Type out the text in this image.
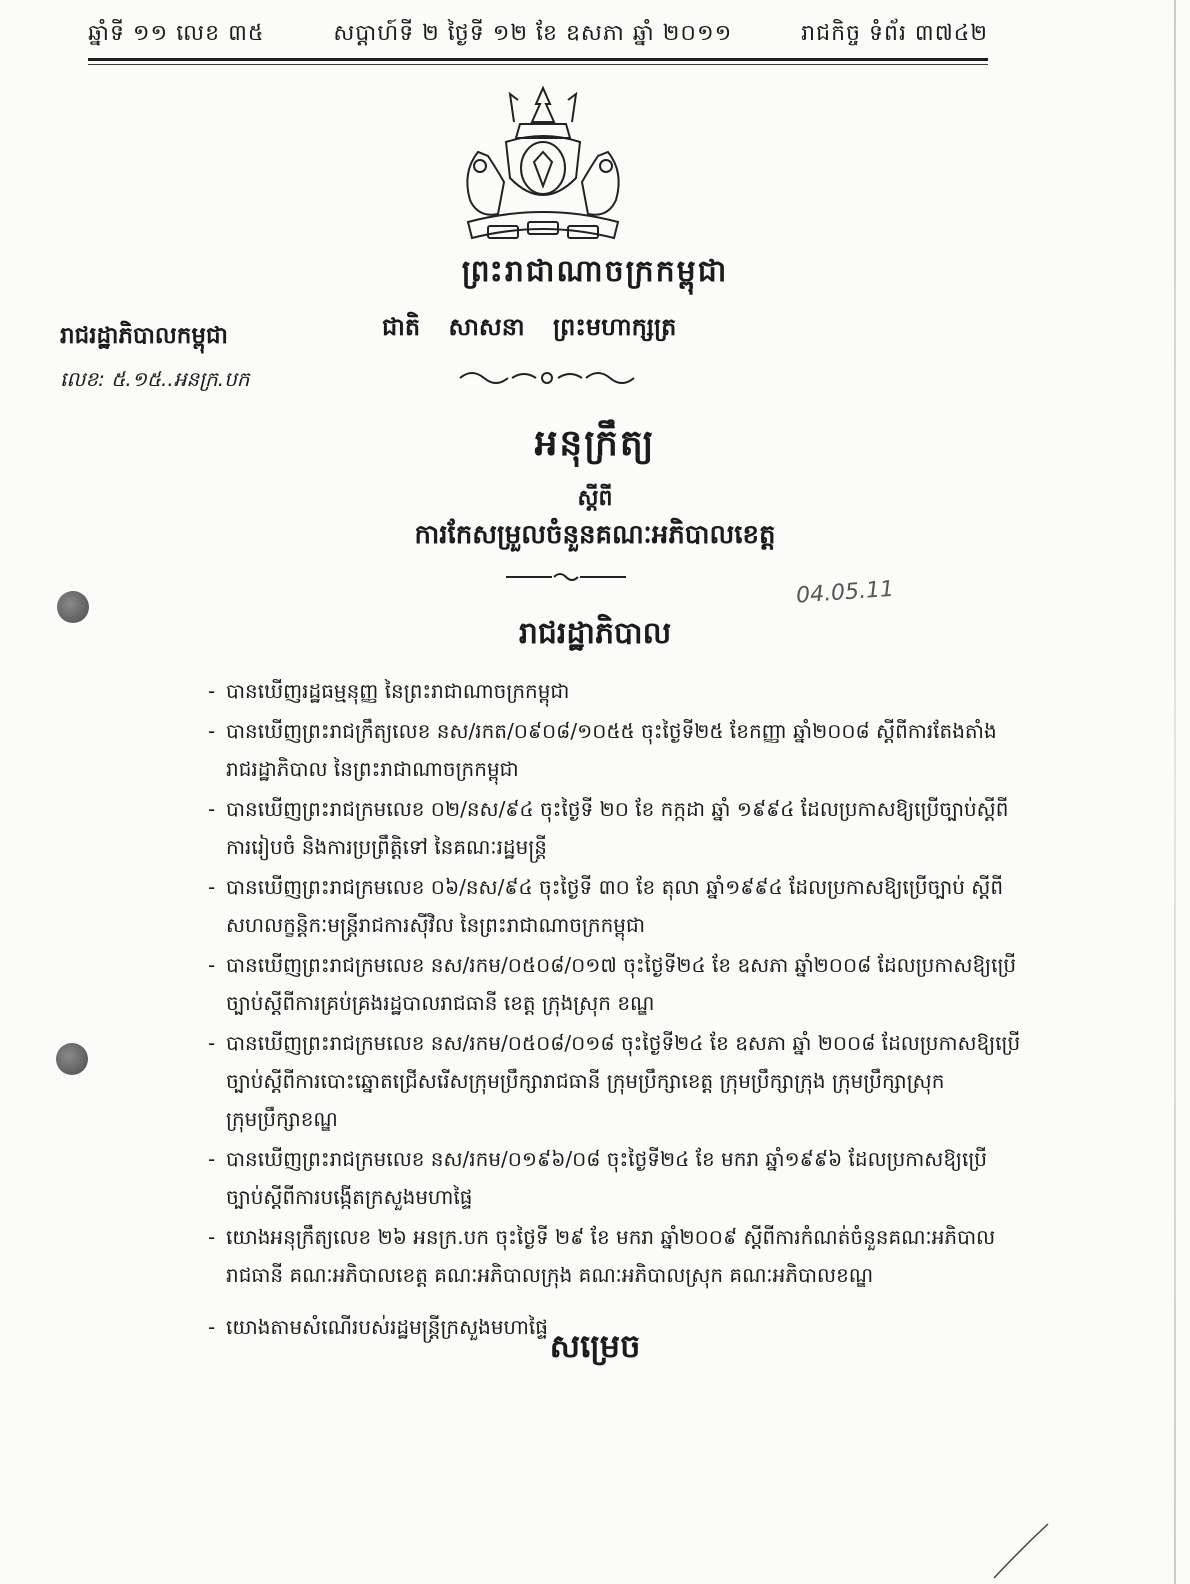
ឆ្នាំទី ១១ លេខ ៣៥	សប្តាហ៍ទី ២ ថ្ងៃទី ១២ ខែ ឧសភា ឆ្នាំ ២០១១	រាជកិច្ច ទំព័រ ៣៧៤២
ព្រះរាជាណាចក្រកម្ពុជា
ជាតិ សាសនា ព្រះមហាក្សត្រ
រាជរដ្ឋាភិបាលកម្ពុជា
លេខ: ៥.១៥..អនក្រ.បក
អនុក្រឹត្យ
ស្តីពី
ការកែសម្រួលចំនួនគណៈអភិបាលខេត្ត
04.05.11
រាជរដ្ឋាភិបាល
- បានឃើញរដ្ឋធម្មនុញ្ញ នៃព្រះរាជាណាចក្រកម្ពុជា
- បានឃើញព្រះរាជក្រឹត្យលេខ នស/រកត/០៩០៨/១០៥៥ ចុះថ្ងៃទី២៥ ខែកញ្ញា ឆ្នាំ២០០៨ ស្តីពីការតែងតាំង
រាជរដ្ឋាភិបាល នៃព្រះរាជាណាចក្រកម្ពុជា
- បានឃើញព្រះរាជក្រមលេខ ០២/នស/៩៤ ចុះថ្ងៃទី ២០ ខែ កក្កដា ឆ្នាំ ១៩៩៤ ដែលប្រកាសឱ្យប្រើច្បាប់ស្តីពី
ការរៀបចំ និងការប្រព្រឹត្តិទៅ នៃគណៈរដ្ឋមន្ត្រី
- បានឃើញព្រះរាជក្រមលេខ ០៦/នស/៩៤ ចុះថ្ងៃទី ៣០ ខែ តុលា ឆ្នាំ១៩៩៤ ដែលប្រកាសឱ្យប្រើច្បាប់ ស្តីពី
សហលក្ខន្តិកៈមន្ត្រីរាជការស៊ីវិល នៃព្រះរាជាណាចក្រកម្ពុជា
- បានឃើញព្រះរាជក្រមលេខ នស/រកម/០៥០៨/០១៧ ចុះថ្ងៃទី២៤ ខែ ឧសភា ឆ្នាំ២០០៨ ដែលប្រកាសឱ្យប្រើ
ច្បាប់ស្តីពីការគ្រប់គ្រងរដ្ឋបាលរាជធានី ខេត្ត ក្រុងស្រុក ខណ្ឌ
- បានឃើញព្រះរាជក្រមលេខ នស/រកម/០៥០៨/០១៨ ចុះថ្ងៃទី២៤ ខែ ឧសភា ឆ្នាំ ២០០៨ ដែលប្រកាសឱ្យប្រើ
ច្បាប់ស្តីពីការបោះឆ្នោតជ្រើសរើសក្រុមប្រឹក្សារាជធានី ក្រុមប្រឹក្សាខេត្ត ក្រុមប្រឹក្សាក្រុង ក្រុមប្រឹក្សាស្រុក
ក្រុមប្រឹក្សាខណ្ឌ
- បានឃើញព្រះរាជក្រមលេខ នស/រកម/០១៩៦/០៨ ចុះថ្ងៃទី២៤ ខែ មករា ឆ្នាំ១៩៩៦ ដែលប្រកាសឱ្យប្រើ
ច្បាប់ស្តីពីការបង្កើតក្រសួងមហាផ្ទៃ
- យោងអនុក្រឹត្យលេខ ២៦ អនក្រ.បក ចុះថ្ងៃទី ២៩ ខែ មករា ឆ្នាំ២០០៩ ស្តីពីការកំណត់ចំនួនគណៈអភិបាល
រាជធានី គណៈអភិបាលខេត្ត គណៈអភិបាលក្រុង គណៈអភិបាលស្រុក គណៈអភិបាលខណ្ឌ
- យោងតាមសំណើរបស់រដ្ឋមន្ត្រីក្រសួងមហាផ្ទៃ សម្រេច
